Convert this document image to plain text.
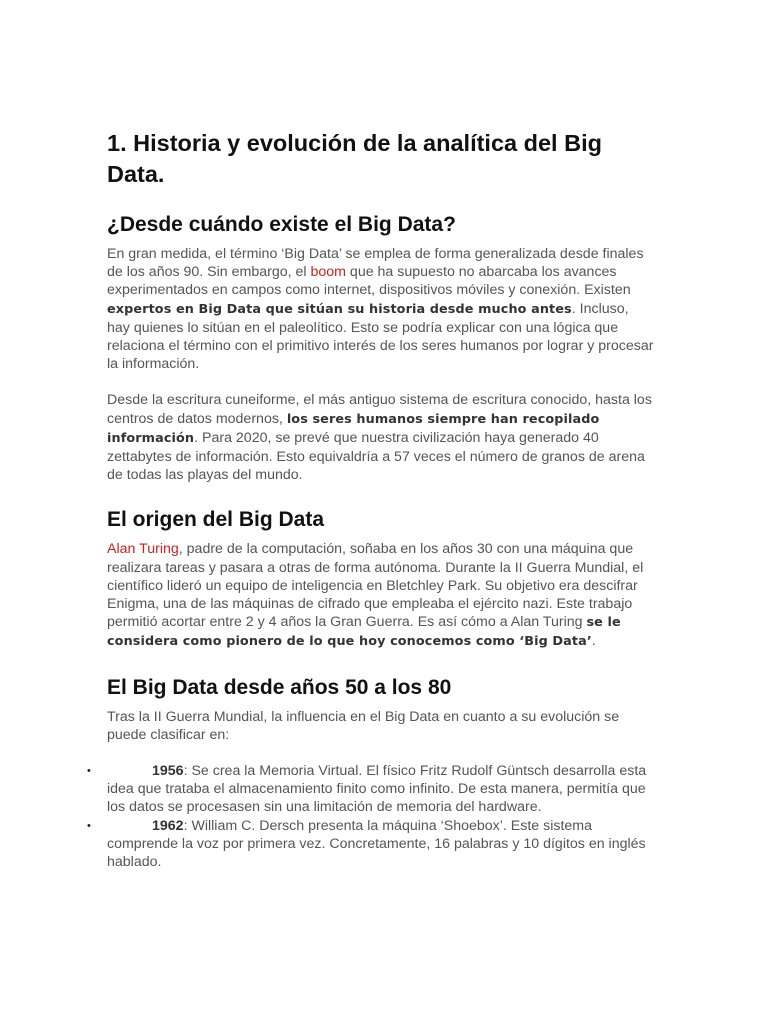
1. Historia y evolución de la analítica del Big Data.
¿Desde cuándo existe el Big Data?

En gran medida, el término ‘Big Data’ se emplea de forma generalizada desde finales de los años 90. Sin embargo, el boom que ha supuesto no abarcaba los avances experimentados en campos como internet, dispositivos móviles y conexión. Existen expertos en Big Data que sitúan su historia desde mucho antes. Incluso, hay quienes lo sitúan en el paleolítico. Esto se podría explicar con una lógica que relaciona el término con el primitivo interés de los seres humanos por lograr y procesar la información.

Desde la escritura cuneiforme, el más antiguo sistema de escritura conocido, hasta los centros de datos modernos, los seres humanos siempre han recopilado información. Para 2020, se prevé que nuestra civilización haya generado 40 zettabytes de información. Esto equivaldría a 57 veces el número de granos de arena de todas las playas del mundo.

El origen del Big Data

Alan Turing, padre de la computación, soñaba en los años 30 con una máquina que realizara tareas y pasara a otras de forma autónoma. Durante la II Guerra Mundial, el científico lideró un equipo de inteligencia en Bletchley Park. Su objetivo era descifrar Enigma, una de las máquinas de cifrado que empleaba el ejército nazi. Este trabajo permitió acortar entre 2 y 4 años la Gran Guerra. Es así cómo a Alan Turing se le considera como pionero de lo que hoy conocemos como ‘Big Data’.

El Big Data desde años 50 a los 80

Tras la II Guerra Mundial, la influencia en el Big Data en cuanto a su evolución se puede clasificar en:

•	1956: Se crea la Memoria Virtual. El físico Fritz Rudolf Güntsch desarrolla esta idea que trataba el almacenamiento finito como infinito. De esta manera, permitía que los datos se procesasen sin una limitación de memoria del hardware.
•	1962: William C. Dersch presenta la máquina ‘Shoebox’. Este sistema comprende la voz por primera vez. Concretamente, 16 palabras y 10 dígitos en inglés hablado.
